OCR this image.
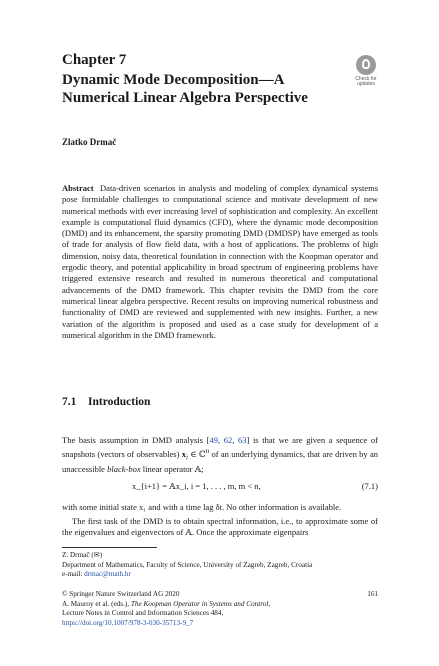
Chapter 7
Dynamic Mode Decomposition—A
Numerical Linear Algebra Perspective
Check for
updates
Zlatko Drmač
Abstract Data-driven scenarios in analysis and modeling of complex dynamical systems pose formidable challenges to computational science and motivate development of new numerical methods with ever increasing level of sophistication and complexity. An excellent example is computational fluid dynamics (CFD), where the dynamic mode decomposition (DMD) and its enhancement, the sparsity promoting DMD (DMDSP) have emerged as tools of trade for analysis of flow field data, with a host of applications. The problems of high dimension, noisy data, theoretical foundation in connection with the Koopman operator and ergodic theory, and potential applicability in broad spectrum of engineering problems have triggered extensive research and resulted in numerous theoretical and computational advancements of the DMD framework. This chapter revisits the DMD from the core numerical linear algebra perspective. Recent results on improving numerical robustness and functionality of DMD are reviewed and supplemented with new insights. Further, a new variation of the algorithm is proposed and used as a case study for development of a numerical algorithm in the DMD framework.
7.1 Introduction
The basis assumption in DMD analysis [49, 62, 63] is that we are given a sequence of snapshots (vectors of observables) $x_i$ ∈ ℂ$^n$ of an underlying dynamics, that are driven by an unaccessible black-box linear operator 𝔸;
x_{i+1} = 𝔸x_i, i = 1, . . . , m, m < n,	(7.1)
with some initial state x₁ and with a time lag δt. No other information is available.
The first task of the DMD is to obtain spectral information, i.e., to approximate some of the eigenvalues and eigenvectors of 𝔸. Once the approximate eigenpairs
Z. Drmač (✉)
Department of Mathematics, Faculty of Science, University of Zagreb, Zagreb, Croatia
e-mail: drmac@math.hr
© Springer Nature Switzerland AG 2020	161
A. Mauroy et al. (eds.), The Koopman Operator in Systems and Control,
Lecture Notes in Control and Information Sciences 484,
https://doi.org/10.1007/978-3-030-35713-9_7
